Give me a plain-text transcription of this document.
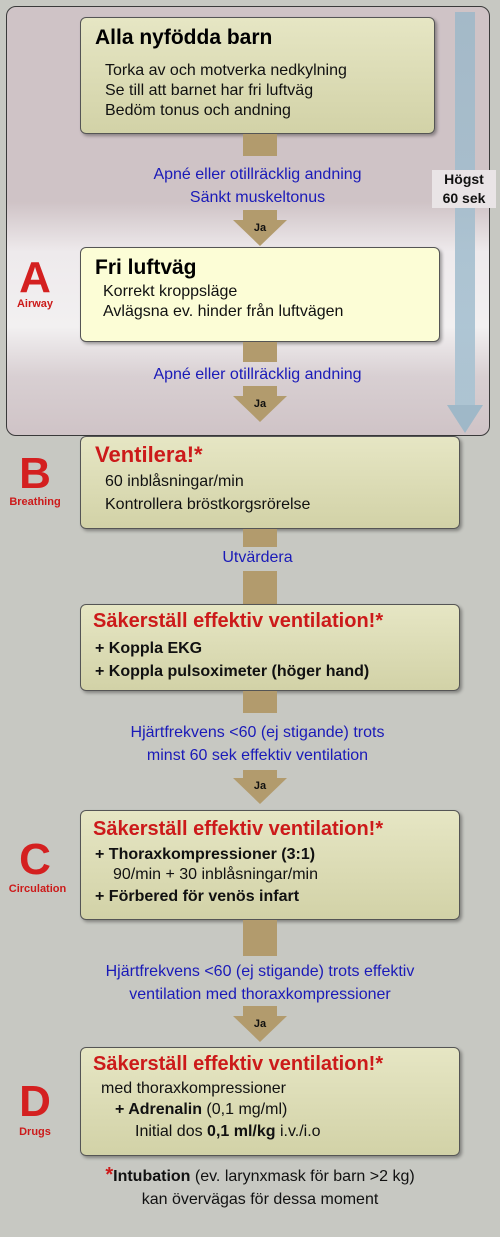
Högst
60 sek
Alla nyfödda barn
Torka av och motverka nedkylning
Se till att barnet har fri luftväg
Bedöm tonus och andning
Apné eller otillräcklig andning
Sänkt muskeltonus
Ja
Fri luftväg
Korrekt kroppsläge
Avlägsna ev. hinder från luftvägen
A
Airway
Apné eller otillräcklig andning
Ja
Ventilera!*
60 inblåsningar/min
Kontrollera bröstkorgsrörelse
B
Breathing
Utvärdera
Säkerställ effektiv ventilation!*
+ Koppla EKG
+ Koppla pulsoximeter (höger hand)
Hjärtfrekvens <60 (ej stigande) trots
minst 60 sek effektiv ventilation
Ja
Säkerställ effektiv ventilation!*
+ Thoraxkompressioner (3:1)
90/min + 30 inblåsningar/min
+ Förbered för venös infart
C
Circulation
Hjärtfrekvens <60 (ej stigande) trots effektiv
ventilation med thoraxkompressioner
Ja
Säkerställ effektiv ventilation!*
med thoraxkompressioner
+ Adrenalin (0,1 mg/ml)
Initial dos 0,1 ml/kg i.v./i.o
D
Drugs
*Intubation (ev. larynxmask för barn >2 kg)
kan övervägas för dessa moment
